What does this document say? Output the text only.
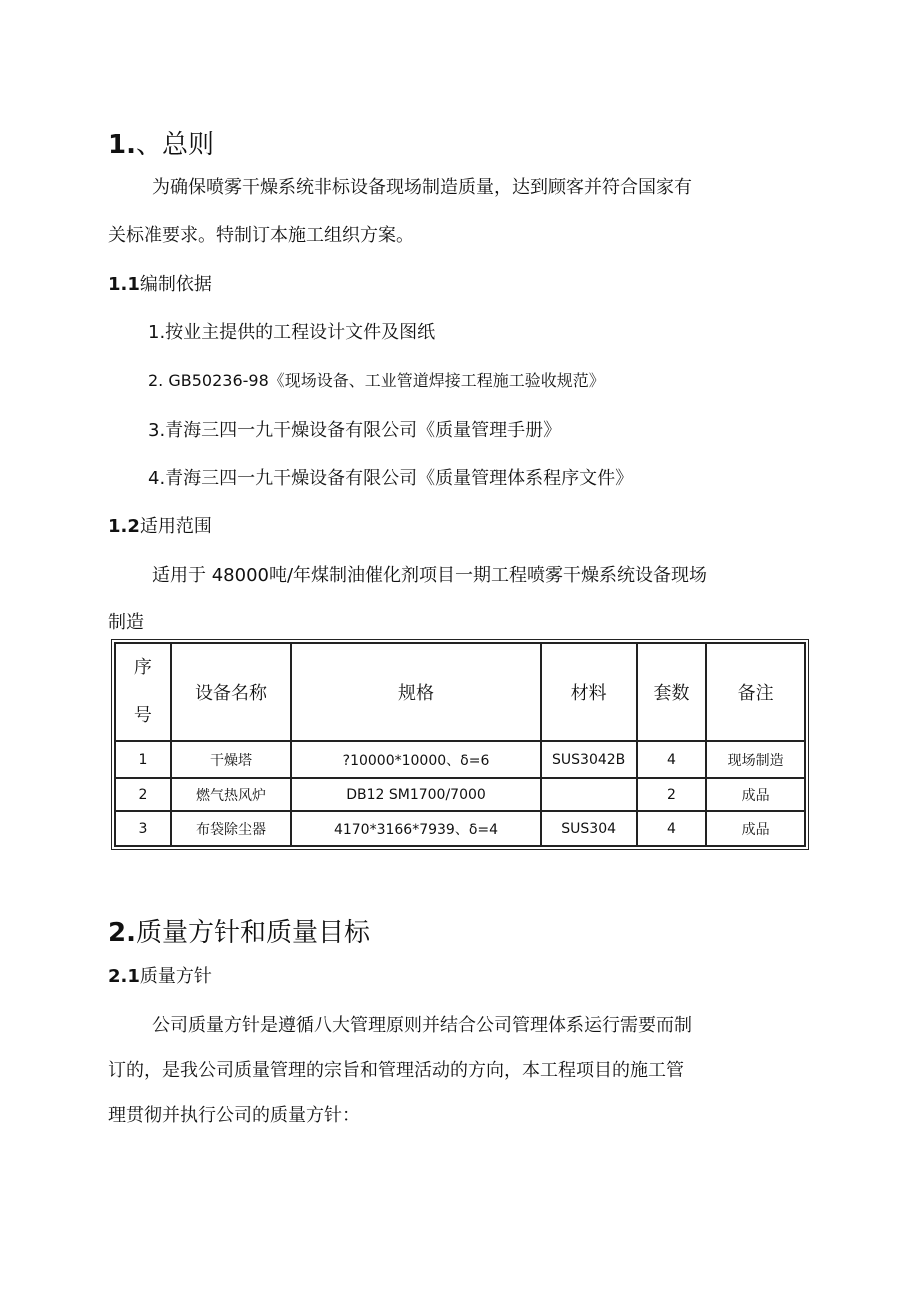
1.、总则
为确保喷雾干燥系统非标设备现场制造质量，达到顾客并符合国家有
关标准要求。特制订本施工组织方案。
1.1编制依据
1.按业主提供的工程设计文件及图纸
2. GB50236-98《现场设备、工业管道焊接工程施工验收规范》
3.青海三四一九干燥设备有限公司《质量管理手册》
4.青海三四一九干燥设备有限公司《质量管理体系程序文件》
1.2适用范围
适用于 48000吨/年煤制油催化剂项目一期工程喷雾干燥系统设备现场
制造
序
号	设备名称	规格	材料	套数	备注
1	干燥塔	?10000*10000、δ=6	SUS3042B	4	现场制造
2	燃气热风炉	DB12 SM1700/7000		2	成品
3	布袋除尘器	4170*3166*7939、δ=4	SUS304	4	成品
2.质量方针和质量目标
2.1质量方针
公司质量方针是遵循八大管理原则并结合公司管理体系运行需要而制
订的，是我公司质量管理的宗旨和管理活动的方向，本工程项目的施工管
理贯彻并执行公司的质量方针：
